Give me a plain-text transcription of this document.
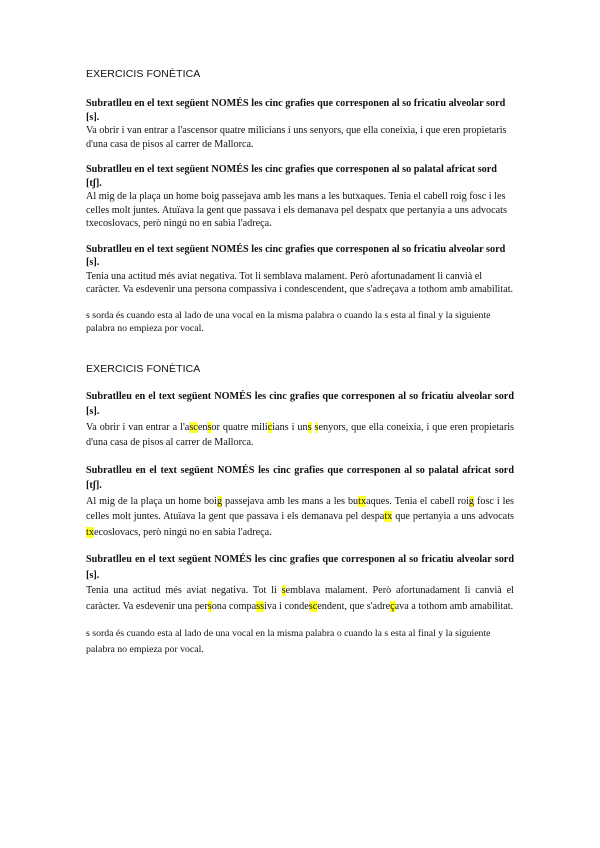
EXERCICIS FONÈTICA
Subratlleu en el text següent NOMÉS les cinc grafies que corresponen al so fricatiu alveolar sord [s].
Va obrir i van entrar a l'ascensor quatre milicians i uns senyors, que ella coneixia, i que eren propietaris d'una casa de pisos al carrer de Mallorca.
Subratlleu en el text següent NOMÉS les cinc grafies que corresponen al so palatal africat sord [tʃ].
Al mig de la plaça un home boig passejava amb les mans a les butxaques. Tenia el cabell roig fosc i les celles molt juntes. Atuïava la gent que passava i els demanava pel despatx que pertanyia a uns advocats txecoslovacs, però ningú no en sabia l'adreça.
Subratlleu en el text següent NOMÉS les cinc grafies que corresponen al so fricatiu alveolar sord [s].
Tenia una actitud més aviat negativa. Tot li semblava malament. Però afortunadament li canvià el caràcter. Va esdevenir una persona compassiva i condescendent, que s'adreçava a tothom amb amabilitat.
s sorda és cuando esta al lado de una vocal en la misma palabra o cuando la s esta al final y la siguiente palabra no empieza por vocal.
EXERCICIS FONÈTICA
Subratlleu en el text següent NOMÉS les cinc grafies que corresponen al so fricatiu alveolar sord [s].
Va obrir i van entrar a l'ascensor quatre milicians i uns senyors, que ella coneixia, i que eren propietaris d'una casa de pisos al carrer de Mallorca.
Subratlleu en el text següent NOMÉS les cinc grafies que corresponen al so palatal africat sord [tʃ].
Al mig de la plaça un home boig passejava amb les mans a les butxaques. Tenia el cabell roig fosc i les celles molt juntes. Atuïava la gent que passava i els demanava pel despatx que pertanyia a uns advocats txecoslovacs, però ningú no en sabia l'adreça.
Subratlleu en el text següent NOMÉS les cinc grafies que corresponen al so fricatiu alveolar sord [s].
Tenia una actitud més aviat negativa. Tot li semblava malament. Però afortunadament li canvià el caràcter. Va esdevenir una persona compassiva i condescendent, que s'adreçava a tothom amb amabilitat.
s sorda és cuando esta al lado de una vocal en la misma palabra o cuando la s esta al final y la siguiente palabra no empieza por vocal.
